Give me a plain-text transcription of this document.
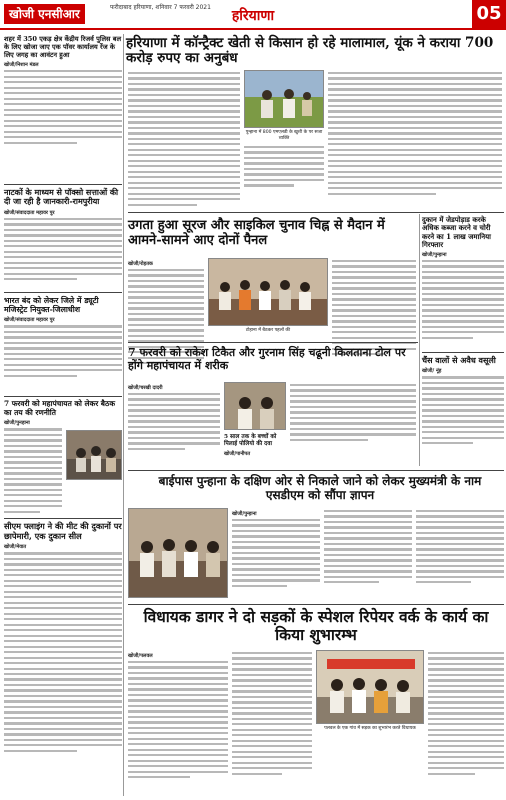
खोजी एनसीआर	फरीदाबाद हरियाणा, शनिवार 7 फरवरी 2021
हरियाणा	05
हरियाणा में कॉन्ट्रैक्ट खेती से किसान हो रहे मालामाल, यूंक ने कराया 700 करोड़ रुपए का अनुबंध
शहर में 350 एकड़ क्षेत्र केंद्रीय रिजर्व पुलिस बल के लिए खोजा जाए एक पॉवर कार्यालय रेंज के लिए जगह का आवंटन हुआ
खोजी/निशान मंडल
नाटकों के माध्यम से पॉक्सो सत्ताओं की दी जा रही है जानकारी-रामपुरीया
खोजी/संवाददाता महावर पुर
भारत बंद को लेकर जिले में ड्यूटी मजिस्ट्रेट नियुक्त-जिलाधीश
खोजी/संवाददाता महावर पुर
7 फरवरी को महापंचायत को लेकर बैठक का तय की रणनीति
खोजी/पुनहाना
सीएम फ्लाइंग ने की मीट की दुकानों पर छापेमारी, एक दुकान सील
खोजी/मेवात
पुन्हाना में 800 एमएलडी के खुशी के पर सजा व्यक्ति
उगता हुआ सूरज और साइकिल चुनाव चिह्न से मैदान में आमने-सामने आए दोनों पैनल
खोजी/रोहतक
टोहाना में बैठकर पहलों की
दुकान में जेडपोड़ाड करके अधिक कब्जा करने व चोरी करने का 1 लाख जमानिया गिरफ्तार
खोजी/पुन्हाना
7 फरवरी को राकेश टिकैत और गुरनाम सिंह चढूनी किलताना टोल पर होंगे महापंचायत में शरीक
खोजी/चरखी दादरी
5 साल तक के बच्चों को पिलाई पोलियो की दवा
खोजी/पानीपत
चैंस वालों से अवैध वसूली
खोजी/ नूंह
बाईपास पुन्हाना के दक्षिण ओर से निकाले जाने को लेकर मुख्यमंत्री के नाम एसडीएम को सौंपा ज्ञापन
खोजी/पुन्हाना
विधायक डागर ने दो सड़कों के स्पेशल रिपेयर वर्क के कार्य का किया शुभारम्भ
खोजी/पलवल
पलवल के एक गांव में सड़क का शुभारंभ करते विधायक
